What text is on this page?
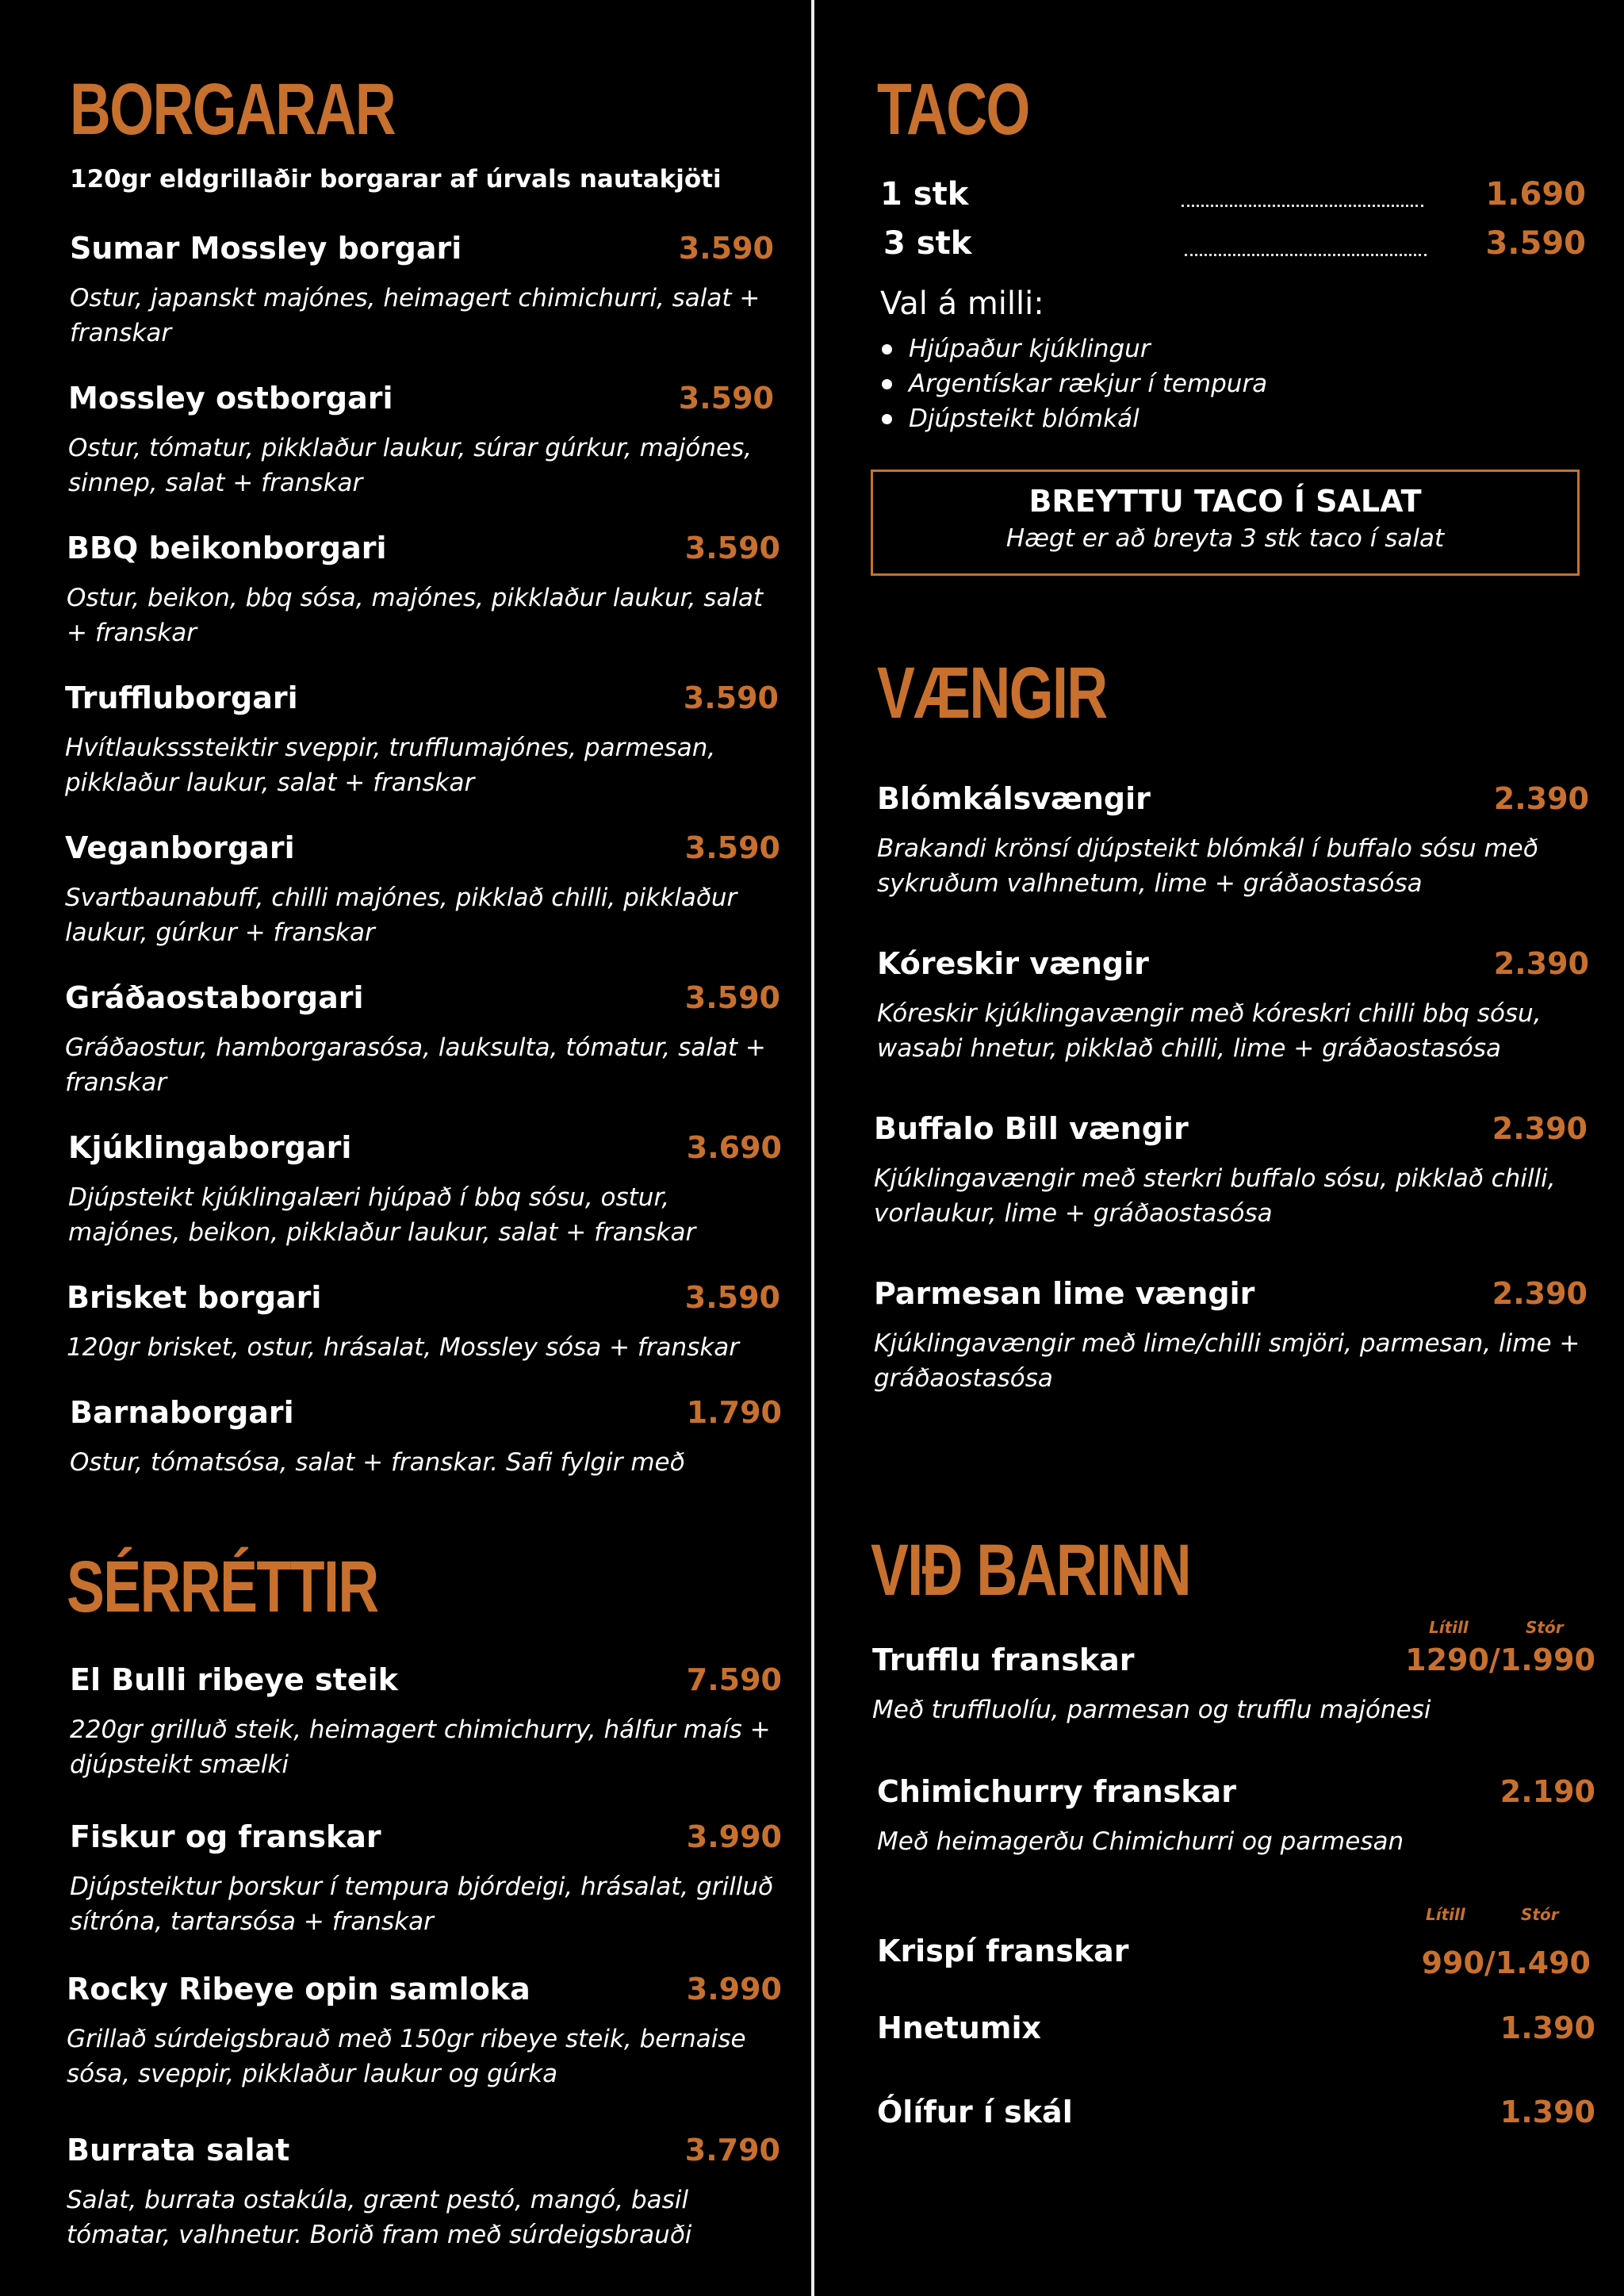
BORGARAR

120gr eldgrillaðir borgarar af úrvals nautakjöti

Sumar Mossley borgari	3.590

Ostur, japanskt majónes, heimagert chimichurri, salat + franskar

Mossley ostborgari	3.590

Ostur, tómatur, pikklaður laukur, súrar gúrkur, majónes, sinnep, salat + franskar

BBQ beikonborgari	3.590

Ostur, beikon, bbq sósa, majónes, pikklaður laukur, salat + franskar

Truffluborgari	3.590

Hvítlauksssteiktir sveppir, trufflumajónes, parmesan, pikklaður laukur, salat + franskar

Veganborgari	3.590

Svartbaunabuff, chilli majónes, pikklað chilli, pikklaður laukur, gúrkur + franskar

Gráðaostaborgari	3.590

Gráðaostur, hamborgarasósa, lauksulta, tómatur, salat + franskar

Kjúklingaborgari	3.690

Djúpsteikt kjúklingalæri hjúpað í bbq sósu, ostur, majónes, beikon, pikklaður laukur, salat + franskar

Brisket borgari	3.590

120gr brisket, ostur, hrásalat, Mossley sósa + franskar

Barnaborgari	1.790

Ostur, tómatsósa, salat + franskar. Safi fylgir með

SÉRRÉTTIR
El Bulli ribeye steik	7.590

220gr grilluð steik, heimagert chimichurry, hálfur maís + djúpsteikt smælki

Fiskur og franskar	3.990

Djúpsteiktur þorskur í tempura bjórdeigi, hrásalat, grilluð sítróna, tartarsósa + franskar

Rocky Ribeye opin samloka	3.990

Grillað súrdeigsbrauð með 150gr ribeye steik, bernaise sósa, sveppir, pikklaður laukur og gúrka

Burrata salat	3.790

Salat, burrata ostakúla, grænt pestó, mangó, basil tómatar, valhnetur. Borið fram með súrdeigsbrauði

TACO
1 stk	1.690
3 stk	3.590
Val á milli:
Hjúpaður kjúklingur
Argentískar rækjur í tempura
Djúpsteikt blómkál
BREYTTU TACO Í SALAT
Hægt er að breyta 3 stk taco í salat
VÆNGIR
Blómkálsvængir	2.390

Brakandi krönsí djúpsteikt blómkál í buffalo sósu með sykruðum valhnetum, lime + gráðaostasósa

Kóreskir vængir	2.390

Kóreskir kjúklingavængir með kóreskri chilli bbq sósu, wasabi hnetur, pikklað chilli, lime + gráðaostasósa

Buffalo Bill vængir	2.390

Kjúklingavængir með sterkri buffalo sósu, pikklað chilli, vorlaukur, lime + gráðaostasósa

Parmesan lime vængir	2.390

Kjúklingavængir með lime/chilli smjöri, parmesan, lime + gráðaostasósa

VIÐ BARINN
Lítill	Stór
Trufflu franskar	1290/1.990

Með truffluolíu, parmesan og trufflu majónesi

Chimichurry franskar	2.190

Með heimagerðu Chimichurri og parmesan

Lítill	Stór
Krispí franskar	990/1.490
Hnetumix	1.390
Ólífur í skál	1.390
